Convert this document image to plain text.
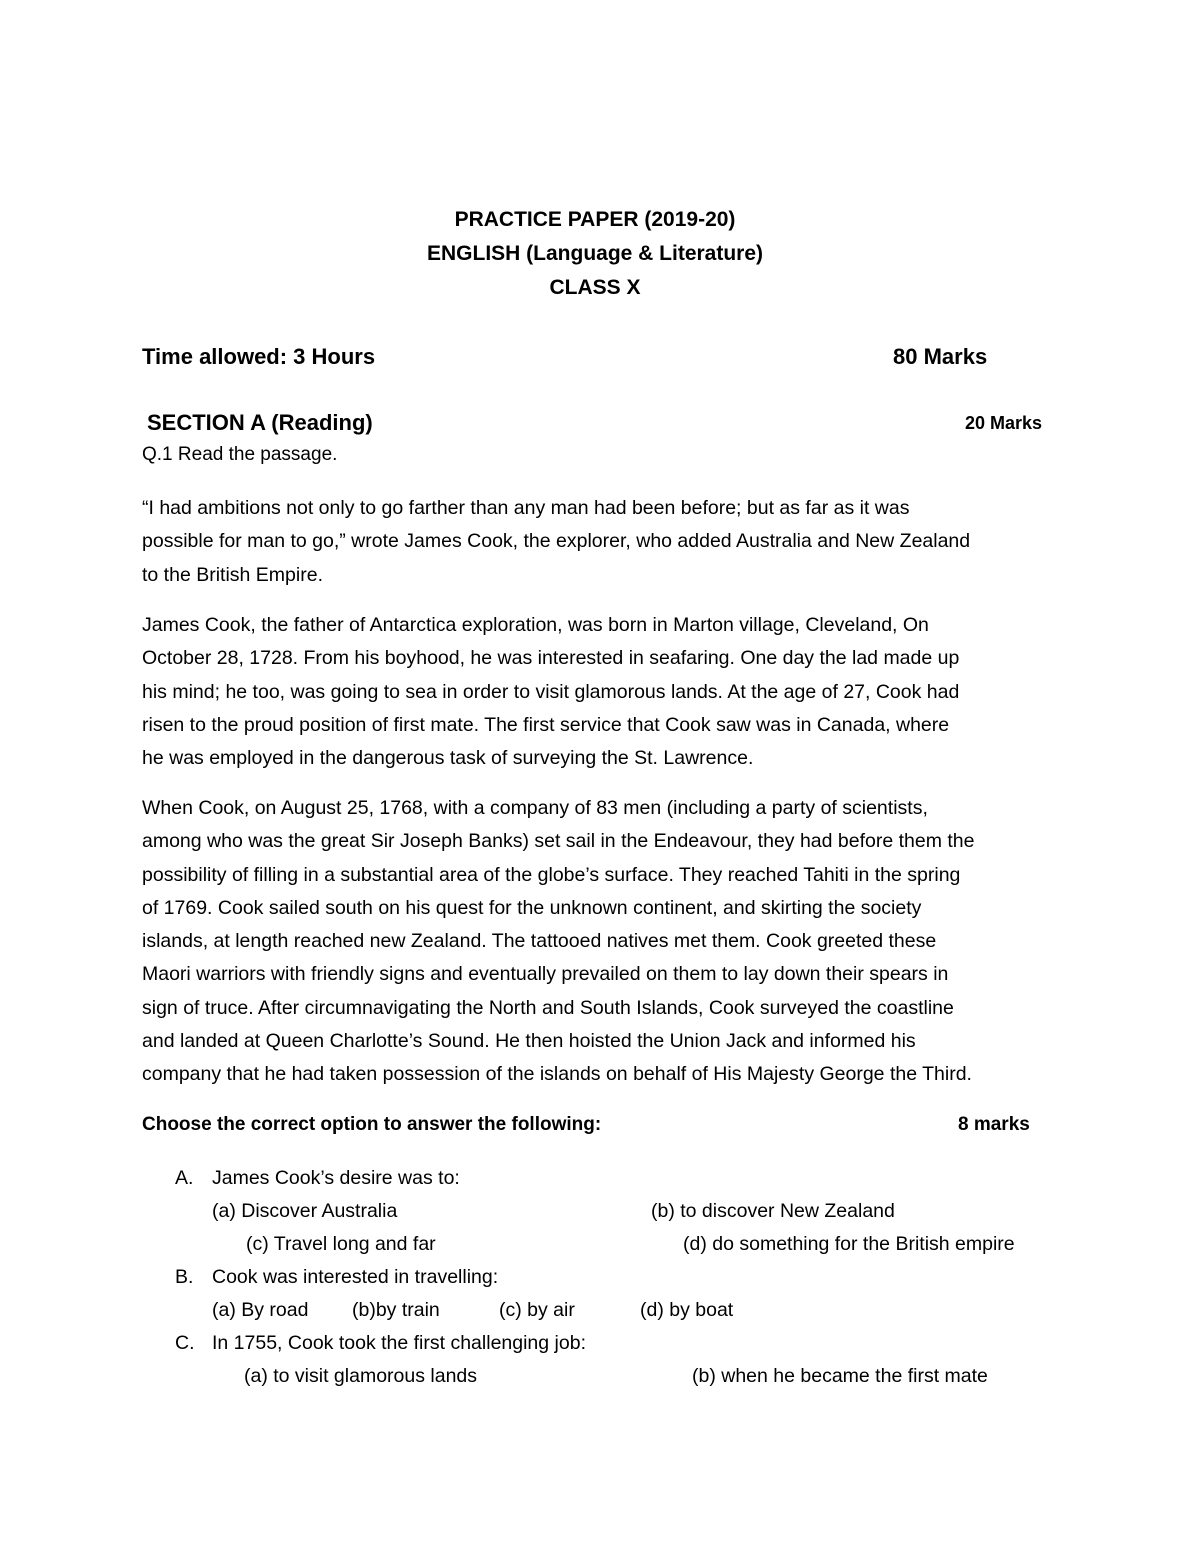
PRACTICE PAPER (2019-20)
ENGLISH (Language & Literature)
CLASS X
Time allowed: 3 Hours	80 Marks
SECTION A (Reading)	20 Marks
Q.1 Read the passage.
“I had ambitions not only to go farther than any man had been before; but as far as it was
possible for man to go,” wrote James Cook, the explorer, who added Australia and New Zealand
to the British Empire.
James Cook, the father of Antarctica exploration, was born in Marton village, Cleveland, On
October 28, 1728. From his boyhood, he was interested in seafaring. One day the lad made up
his mind; he too, was going to sea in order to visit glamorous lands. At the age of 27, Cook had
risen to the proud position of first mate. The first service that Cook saw was in Canada, where
he was employed in the dangerous task of surveying the St. Lawrence.
When Cook, on August 25, 1768, with a company of 83 men (including a party of scientists,
among who was the great Sir Joseph Banks) set sail in the Endeavour, they had before them the
possibility of filling in a substantial area of the globe’s surface. They reached Tahiti in the spring
of 1769. Cook sailed south on his quest for the unknown continent, and skirting the society
islands, at length reached new Zealand. The tattooed natives met them. Cook greeted these
Maori warriors with friendly signs and eventually prevailed on them to lay down their spears in
sign of truce. After circumnavigating the North and South Islands, Cook surveyed the coastline
and landed at Queen Charlotte’s Sound. He then hoisted the Union Jack and informed his
company that he had taken possession of the islands on behalf of His Majesty George the Third.
Choose the correct option to answer the following:	8 marks
A. James Cook’s desire was to:
(a) Discover Australia	(b) to discover New Zealand
(c) Travel long and far	(d) do something for the British empire
B. Cook was interested in travelling:
(a) By road (b)by train	(c) by air	(d) by boat
C. In 1755, Cook took the first challenging job:
(a) to visit glamorous lands	(b) when he became the first mate
